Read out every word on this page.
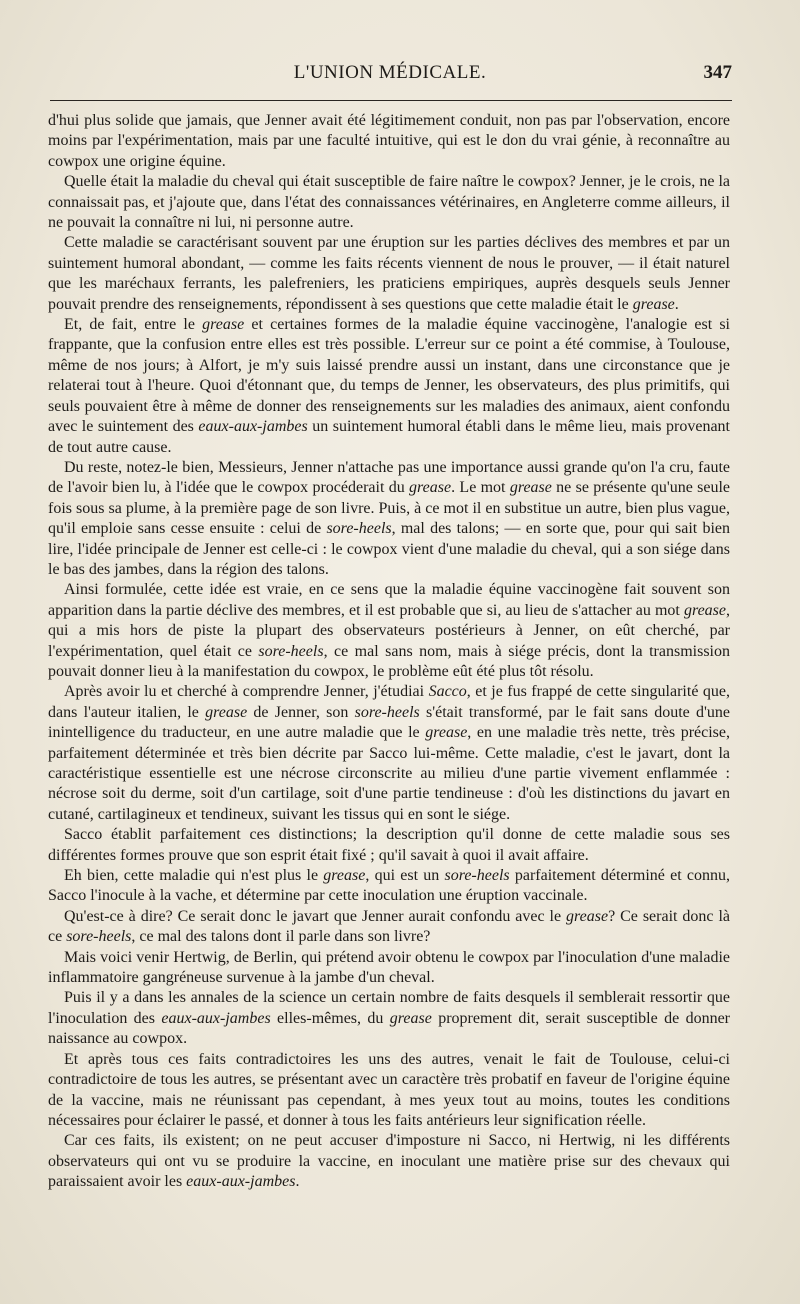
L'UNION MÉDICALE.	347

d'hui plus solide que jamais, que Jenner avait été légitimement conduit, non pas par l'observation, encore moins par l'expérimentation, mais par une faculté intuitive, qui est le don du vrai génie, à reconnaître au cowpox une origine équine.

Quelle était la maladie du cheval qui était susceptible de faire naître le cowpox? Jenner, je le crois, ne la connaissait pas, et j'ajoute que, dans l'état des connaissances vétérinaires, en Angleterre comme ailleurs, il ne pouvait la connaître ni lui, ni personne autre.

Cette maladie se caractérisant souvent par une éruption sur les parties déclives des membres et par un suintement humoral abondant, — comme les faits récents viennent de nous le prouver, — il était naturel que les maréchaux ferrants, les palefreniers, les praticiens empiriques, auprès desquels seuls Jenner pouvait prendre des renseignements, répondissent à ses questions que cette maladie était le grease.

Et, de fait, entre le grease et certaines formes de la maladie équine vaccinogène, l'analogie est si frappante, que la confusion entre elles est très possible. L'erreur sur ce point a été commise, à Toulouse, même de nos jours; à Alfort, je m'y suis laissé prendre aussi un instant, dans une circonstance que je relaterai tout à l'heure. Quoi d'étonnant que, du temps de Jenner, les observateurs, des plus primitifs, qui seuls pouvaient être à même de donner des renseignements sur les maladies des animaux, aient confondu avec le suintement des eaux-aux-jambes un suintement humoral établi dans le même lieu, mais provenant de tout autre cause.

Du reste, notez-le bien, Messieurs, Jenner n'attache pas une importance aussi grande qu'on l'a cru, faute de l'avoir bien lu, à l'idée que le cowpox procéderait du grease. Le mot grease ne se présente qu'une seule fois sous sa plume, à la première page de son livre. Puis, à ce mot il en substitue un autre, bien plus vague, qu'il emploie sans cesse ensuite : celui de sore-heels, mal des talons; — en sorte que, pour qui sait bien lire, l'idée principale de Jenner est celle-ci : le cowpox vient d'une maladie du cheval, qui a son siége dans le bas des jambes, dans la région des talons.

Ainsi formulée, cette idée est vraie, en ce sens que la maladie équine vaccinogène fait souvent son apparition dans la partie déclive des membres, et il est probable que si, au lieu de s'attacher au mot grease, qui a mis hors de piste la plupart des observateurs postérieurs à Jenner, on eût cherché, par l'expérimentation, quel était ce sore-heels, ce mal sans nom, mais à siége précis, dont la transmission pouvait donner lieu à la manifestation du cowpox, le problème eût été plus tôt résolu.

Après avoir lu et cherché à comprendre Jenner, j'étudiai Sacco, et je fus frappé de cette singularité que, dans l'auteur italien, le grease de Jenner, son sore-heels s'était transformé, par le fait sans doute d'une inintelligence du traducteur, en une autre maladie que le grease, en une maladie très nette, très précise, parfaitement déterminée et très bien décrite par Sacco lui-même. Cette maladie, c'est le javart, dont la caractéristique essentielle est une nécrose circonscrite au milieu d'une partie vivement enflammée : nécrose soit du derme, soit d'un cartilage, soit d'une partie tendineuse : d'où les distinctions du javart en cutané, cartilagineux et tendineux, suivant les tissus qui en sont le siége.

Sacco établit parfaitement ces distinctions; la description qu'il donne de cette maladie sous ses différentes formes prouve que son esprit était fixé ; qu'il savait à quoi il avait affaire.

Eh bien, cette maladie qui n'est plus le grease, qui est un sore-heels parfaitement déterminé et connu, Sacco l'inocule à la vache, et détermine par cette inoculation une éruption vaccinale.

Qu'est-ce à dire? Ce serait donc le javart que Jenner aurait confondu avec le grease? Ce serait donc là ce sore-heels, ce mal des talons dont il parle dans son livre?

Mais voici venir Hertwig, de Berlin, qui prétend avoir obtenu le cowpox par l'inoculation d'une maladie inflammatoire gangréneuse survenue à la jambe d'un cheval.

Puis il y a dans les annales de la science un certain nombre de faits desquels il semblerait ressortir que l'inoculation des eaux-aux-jambes elles-mêmes, du grease proprement dit, serait susceptible de donner naissance au cowpox.

Et après tous ces faits contradictoires les uns des autres, venait le fait de Toulouse, celui-ci contradictoire de tous les autres, se présentant avec un caractère très probatif en faveur de l'origine équine de la vaccine, mais ne réunissant pas cependant, à mes yeux tout au moins, toutes les conditions nécessaires pour éclairer le passé, et donner à tous les faits antérieurs leur signification réelle.

Car ces faits, ils existent; on ne peut accuser d'imposture ni Sacco, ni Hertwig, ni les différents observateurs qui ont vu se produire la vaccine, en inoculant une matière prise sur des chevaux qui paraissaient avoir les eaux-aux-jambes.
